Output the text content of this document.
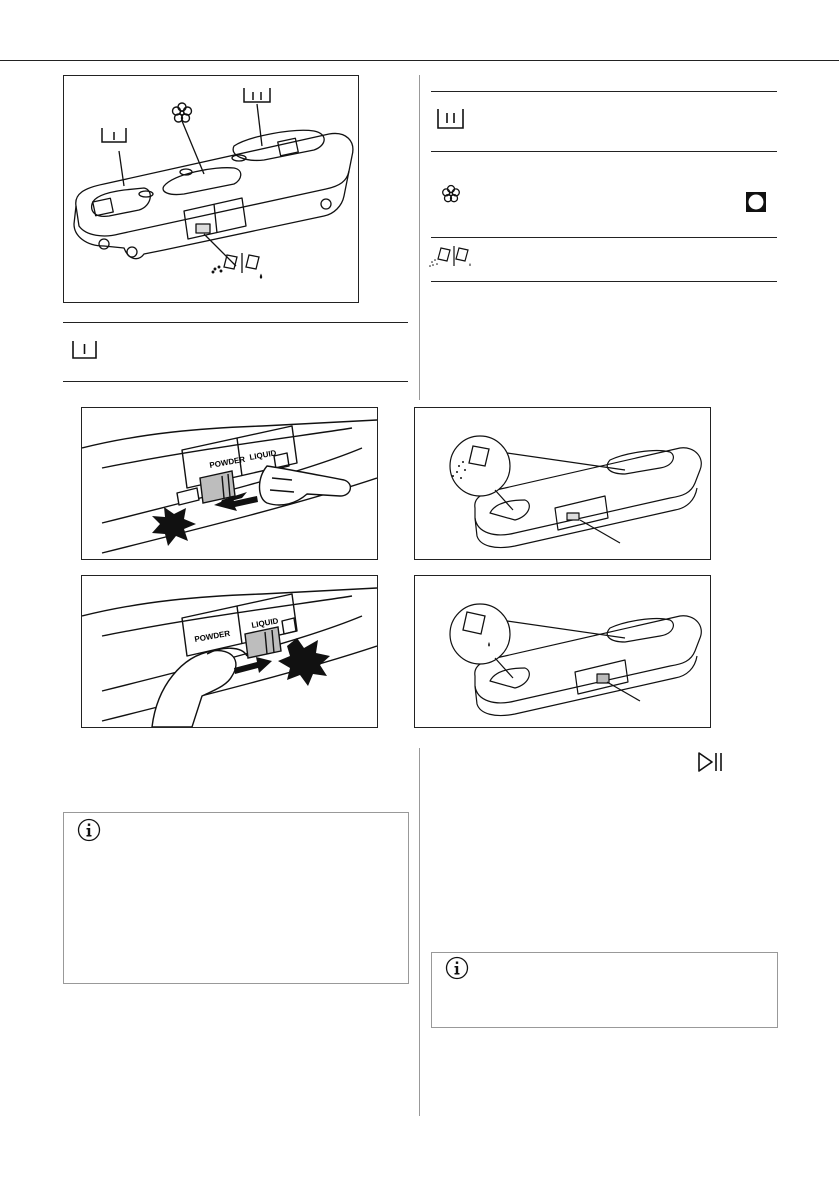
POWDER LIQUID
POWDER
LIQUID
